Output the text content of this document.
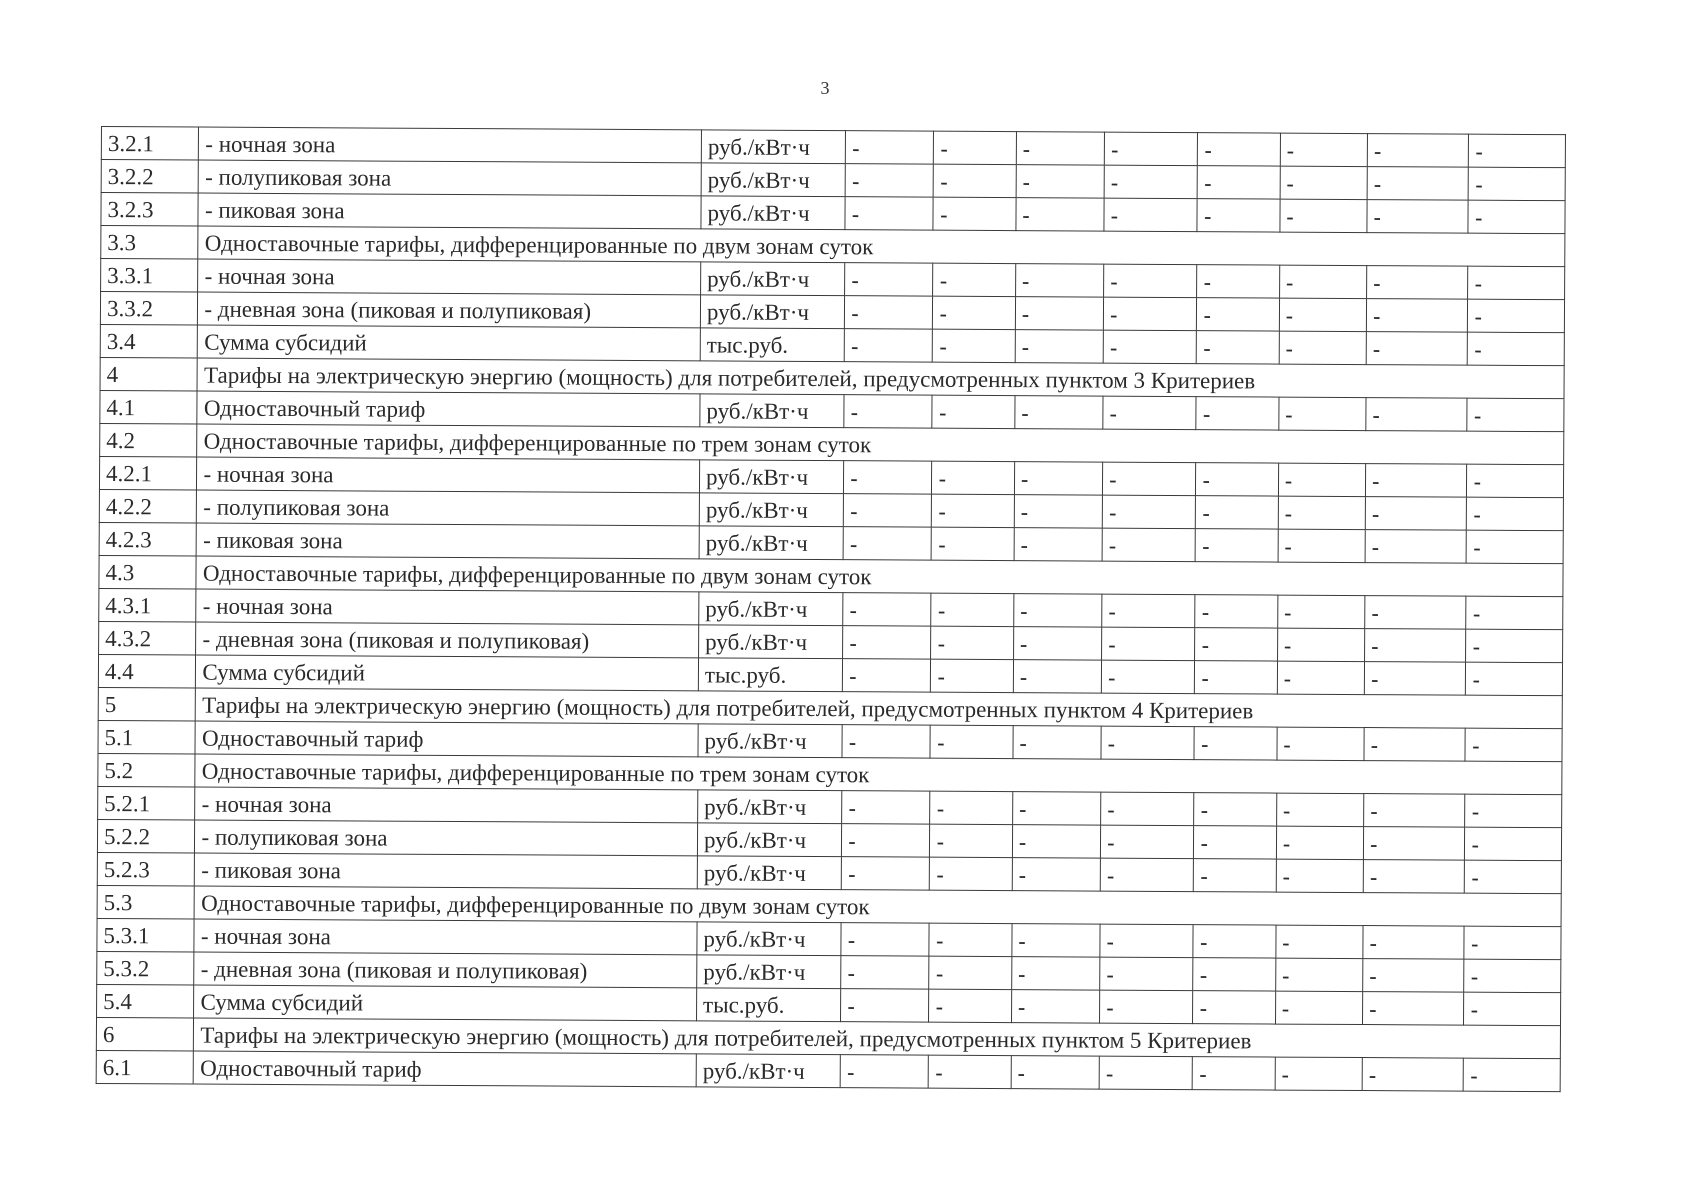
3
3.2.1	- ночная зона	руб./кВт·ч	-	-	-	-	-	-	-	-
3.2.2	- полупиковая зона	руб./кВт·ч	-	-	-	-	-	-	-	-
3.2.3	- пиковая зона	руб./кВт·ч	-	-	-	-	-	-	-	-
3.3	Одноставочные тарифы, дифференцированные по двум зонам суток									
3.3.1	- ночная зона	руб./кВт·ч	-	-	-	-	-	-	-	-
3.3.2	- дневная зона (пиковая и полупиковая)	руб./кВт·ч	-	-	-	-	-	-	-	-
3.4	Сумма субсидий	тыс.руб.	-	-	-	-	-	-	-	-
4	Тарифы на электрическую энергию (мощность) для потребителей, предусмотренных пунктом 3 Критериев									
4.1	Одноставочный тариф	руб./кВт·ч	-	-	-	-	-	-	-	-
4.2	Одноставочные тарифы, дифференцированные по трем зонам суток									
4.2.1	- ночная зона	руб./кВт·ч	-	-	-	-	-	-	-	-
4.2.2	- полупиковая зона	руб./кВт·ч	-	-	-	-	-	-	-	-
4.2.3	- пиковая зона	руб./кВт·ч	-	-	-	-	-	-	-	-
4.3	Одноставочные тарифы, дифференцированные по двум зонам суток									
4.3.1	- ночная зона	руб./кВт·ч	-	-	-	-	-	-	-	-
4.3.2	- дневная зона (пиковая и полупиковая)	руб./кВт·ч	-	-	-	-	-	-	-	-
4.4	Сумма субсидий	тыс.руб.	-	-	-	-	-	-	-	-
5	Тарифы на электрическую энергию (мощность) для потребителей, предусмотренных пунктом 4 Критериев									
5.1	Одноставочный тариф	руб./кВт·ч	-	-	-	-	-	-	-	-
5.2	Одноставочные тарифы, дифференцированные по трем зонам суток									
5.2.1	- ночная зона	руб./кВт·ч	-	-	-	-	-	-	-	-
5.2.2	- полупиковая зона	руб./кВт·ч	-	-	-	-	-	-	-	-
5.2.3	- пиковая зона	руб./кВт·ч	-	-	-	-	-	-	-	-
5.3	Одноставочные тарифы, дифференцированные по двум зонам суток									
5.3.1	- ночная зона	руб./кВт·ч	-	-	-	-	-	-	-	-
5.3.2	- дневная зона (пиковая и полупиковая)	руб./кВт·ч	-	-	-	-	-	-	-	-
5.4	Сумма субсидий	тыс.руб.	-	-	-	-	-	-	-	-
6	Тарифы на электрическую энергию (мощность) для потребителей, предусмотренных пунктом 5 Критериев									
6.1	Одноставочный тариф	руб./кВт·ч	-	-	-	-	-	-	-	-
